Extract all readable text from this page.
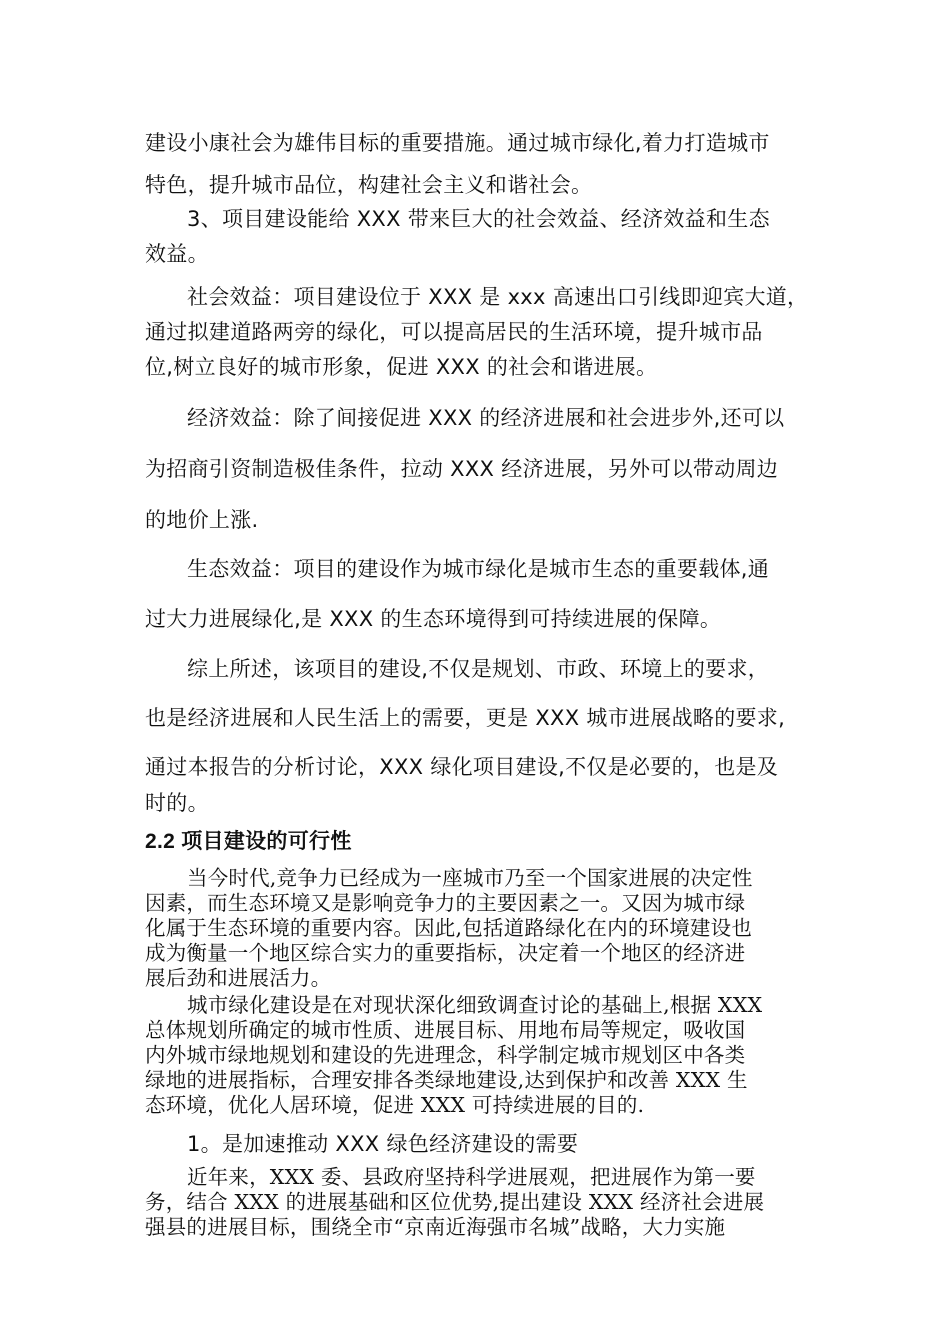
建设小康社会为雄伟目标的重要措施。通过城市绿化,着力打造城市
特色，提升城市品位，构建社会主义和谐社会。
3、项目建设能给 XXX 带来巨大的社会效益、经济效益和生态
效益。
社会效益：项目建设位于 XXX 是 xxx 高速出口引线即迎宾大道，
通过拟建道路两旁的绿化，可以提高居民的生活环境，提升城市品
位,树立良好的城市形象，促进 XXX 的社会和谐进展。
经济效益：除了间接促进 XXX 的经济进展和社会进步外,还可以
为招商引资制造极佳条件，拉动 XXX 经济进展，另外可以带动周边
的地价上涨.
生态效益：项目的建设作为城市绿化是城市生态的重要载体,通
过大力进展绿化,是 XXX 的生态环境得到可持续进展的保障。
综上所述，该项目的建设,不仅是规划、市政、环境上的要求，
也是经济进展和人民生活上的需要，更是 XXX 城市进展战略的要求,
通过本报告的分析讨论，XXX 绿化项目建设,不仅是必要的，也是及
时的。
2.2 项目建设的可行性
当今时代,竞争力已经成为一座城市乃至一个国家进展的决定性
因素，而生态环境又是影响竞争力的主要因素之一。又因为城市绿
化属于生态环境的重要内容。因此,包括道路绿化在内的环境建设也
成为衡量一个地区综合实力的重要指标，决定着一个地区的经济进
展后劲和进展活力。
城市绿化建设是在对现状深化细致调查讨论的基础上,根据 XXX
总体规划所确定的城市性质、进展目标、用地布局等规定，吸收国
内外城市绿地规划和建设的先进理念，科学制定城市规划区中各类
绿地的进展指标，合理安排各类绿地建设,达到保护和改善 XXX 生
态环境，优化人居环境，促进 XXX 可持续进展的目的.
1。是加速推动 XXX 绿色经济建设的需要
近年来，XXX 委、县政府坚持科学进展观，把进展作为第一要
务，结合 XXX 的进展基础和区位优势,提出建设 XXX 经济社会进展
强县的进展目标，围绕全市“京南近海强市名城”战略，大力实施
